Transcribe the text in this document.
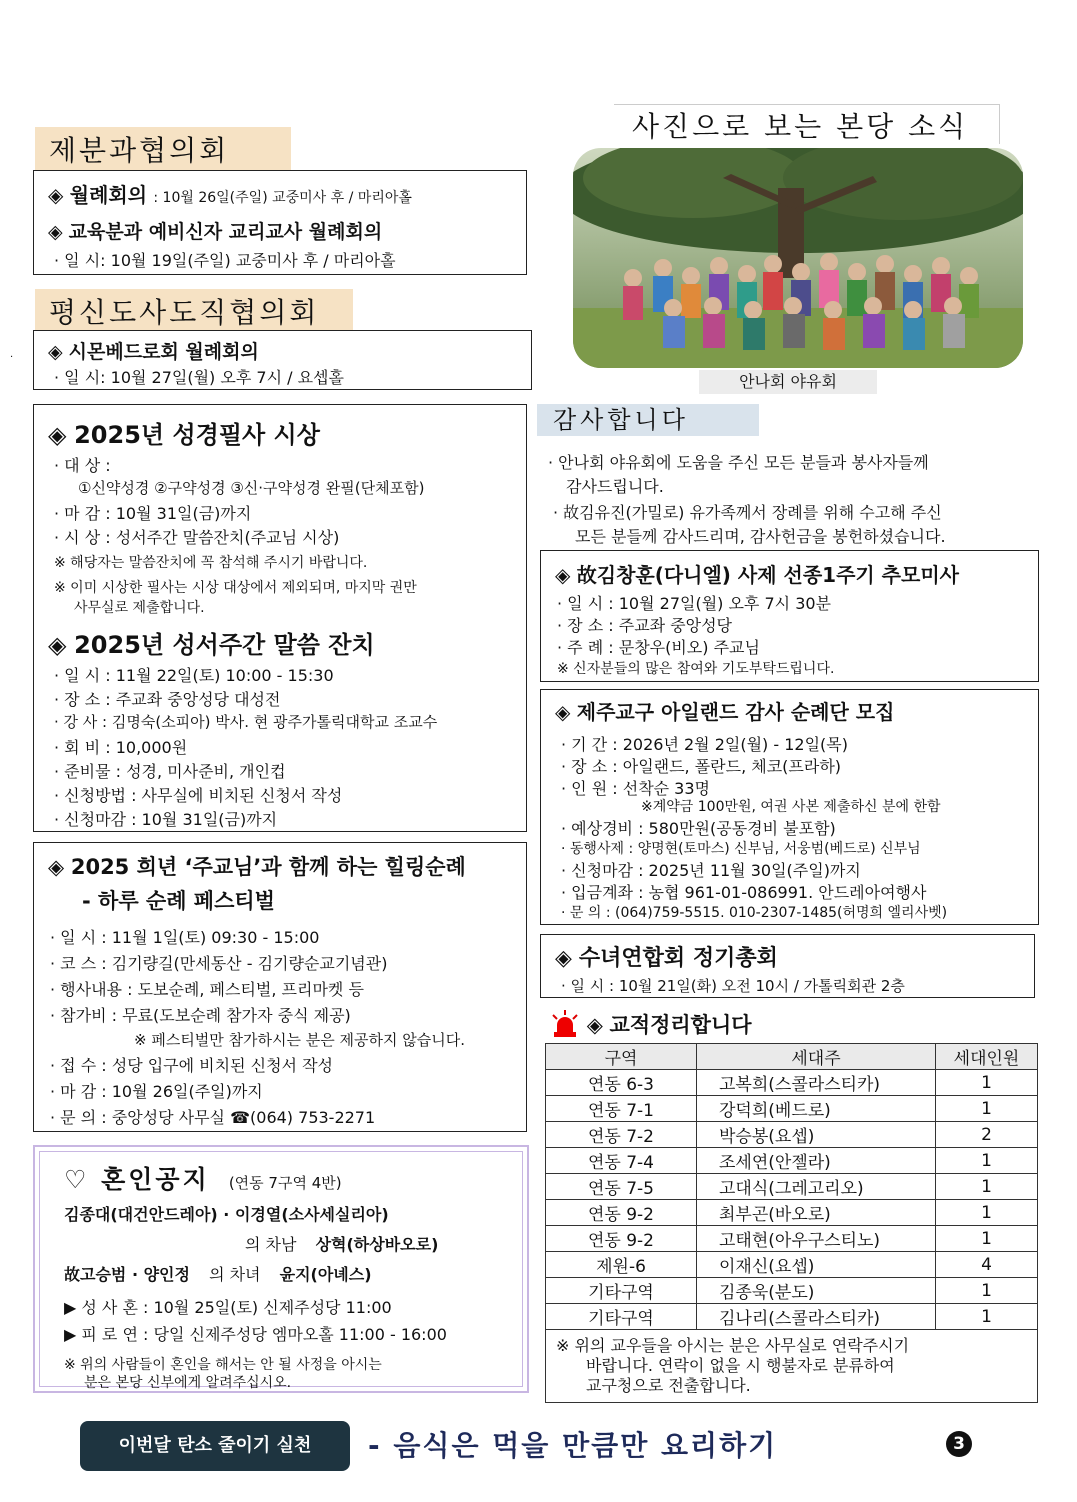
제분과협의회
◈ 월례회의 : 10월 26일(주일) 교중미사 후 / 마리아홀
◈ 교육분과 예비신자 교리교사 월례회의
· 일 시: 10월 19일(주일) 교중미사 후 / 마리아홀
평신도사도직협의회
· ◈ 시몬베드로회 월례회의
· 일 시: 10월 27일(월) 오후 7시 / 요셉홀
◈ 2025년 성경필사 시상
· 대 상 :
①신약성경 ②구약성경 ③신·구약성경 완필(단체포함)
· 마 감 : 10월 31일(금)까지
· 시 상 : 성서주간 말씀잔치(주교님 시상)
※ 해당자는 말씀잔치에 꼭 참석해 주시기 바랍니다.
※ 이미 시상한 필사는 시상 대상에서 제외되며, 마지막 권만
사무실로 제출합니다.
◈ 2025년 성서주간 말씀 잔치
· 일 시 : 11월 22일(토) 10:00 - 15:30
· 장 소 : 주교좌 중앙성당 대성전
· 강 사 : 김명숙(소피아) 박사. 현 광주가톨릭대학교 조교수
· 회 비 : 10,000원
· 준비물 : 성경, 미사준비, 개인컵
· 신청방법 : 사무실에 비치된 신청서 작성
· 신청마감 : 10월 31일(금)까지
◈ 2025 희년 ‘주교님’과 함께 하는 힐링순례
- 하루 순례 페스티벌
· 일 시 : 11월 1일(토) 09:30 - 15:00
· 코 스 : 김기량길(만세동산 - 김기량순교기념관)
· 행사내용 : 도보순례, 페스티벌, 프리마켓 등
· 참가비 : 무료(도보순례 참가자 중식 제공)
※ 페스티벌만 참가하시는 분은 제공하지 않습니다.
· 접 수 : 성당 입구에 비치된 신청서 작성
· 마 감 : 10월 26일(주일)까지
· 문 의 : 중앙성당 사무실 ☎(064) 753-2271
♡ 혼인공지 (연동 7구역 4반)
김종대(대건안드레아) · 이경열(소사세실리아)
의 차남 상혁(하상바오로)
故고승범 · 양인정 의 차녀 윤지(아녜스)
▶ 성 사 혼 : 10월 25일(토) 신제주성당 11:00
▶ 피 로 연 : 당일 신제주성당 엠마오홀 11:00 - 16:00
※ 위의 사람들이 혼인을 해서는 안 될 사정을 아시는
분은 본당 신부에게 알려주십시오.
사진으로 보는 본당 소식
안나회 야유회
감사합니다
· 안나회 야유회에 도움을 주신 모든 분들과 봉사자들께
감사드립니다.
· 故김유진(가밀로) 유가족께서 장례를 위해 수고해 주신
모든 분들께 감사드리며, 감사헌금을 봉헌하셨습니다.
◈ 故김창훈(다니엘) 사제 선종1주기 추모미사
· 일 시 : 10월 27일(월) 오후 7시 30분
· 장 소 : 주교좌 중앙성당
· 주 례 : 문창우(비오) 주교님
※ 신자분들의 많은 참여와 기도부탁드립니다.
◈ 제주교구 아일랜드 감사 순례단 모집
· 기 간 : 2026년 2월 2일(월) - 12일(목)
· 장 소 : 아일랜드, 폴란드, 체코(프라하)
· 인 원 : 선착순 33명
※계약금 100만원, 여권 사본 제출하신 분에 한함
· 예상경비 : 580만원(공동경비 불포함)
· 동행사제 : 양명현(토마스) 신부님, 서웅범(베드로) 신부님
· 신청마감 : 2025년 11월 30일(주일)까지
· 입금계좌 : 농협 961-01-086991. 안드레아여행사
· 문 의 : (064)759-5515. 010-2307-1485(허명희 엘리사벳)
◈ 수녀연합회 정기총회
· 일 시 : 10월 21일(화) 오전 10시 / 가톨릭회관 2층
◈ 교적정리합니다
구역	세대주	세대인원
연동 6-3	고복희(스콜라스티카)	1
연동 7-1	강덕희(베드로)	1
연동 7-2	박승봉(요셉)	2
연동 7-4	조세연(안젤라)	1
연동 7-5	고대식(그레고리오)	1
연동 9-2	최부곤(바오로)	1
연동 9-2	고태현(아우구스티노)	1
제원-6	이재신(요셉)	4
기타구역	김종욱(분도)	1
기타구역	김나리(스콜라스티카)	1

※ 위의 교우들을 아시는 분은 사무실로 연락주시기
바랍니다. 연락이 없을 시 행불자로 분류하여
교구청으로 전출합니다.		
이번달 탄소 줄이기 실천	- 음식은 먹을 만큼만 요리하기	3
